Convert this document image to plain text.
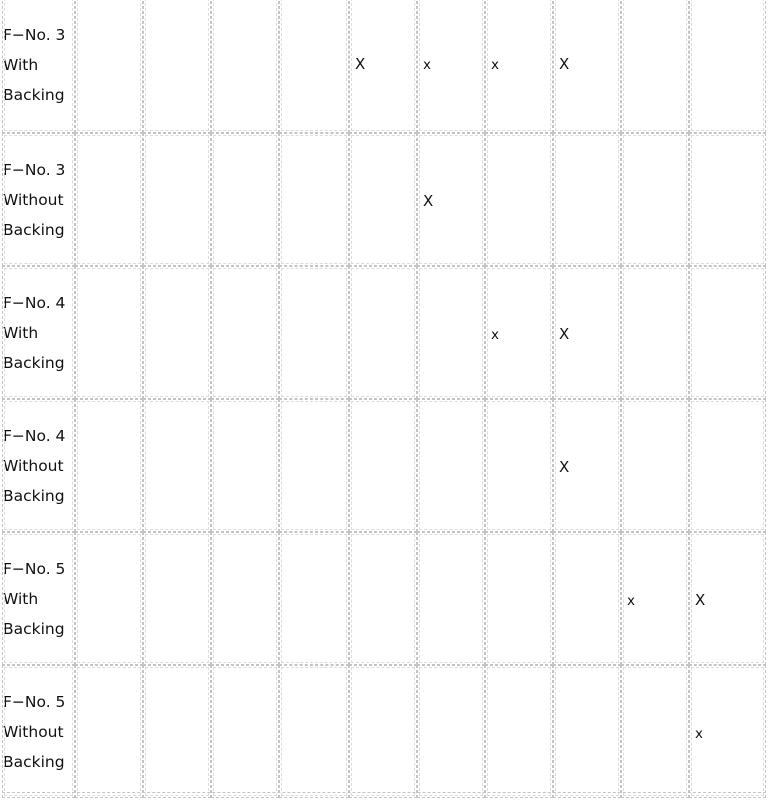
F−No. 3
With
Backing					X	x	x	X		

F−No. 3
Without
Backing						X				

F−No. 4
With
Backing							x	X		

F−No. 4
Without
Backing								X		

F−No. 5
With
Backing									x	X

F−No. 5
Without
Backing										x
